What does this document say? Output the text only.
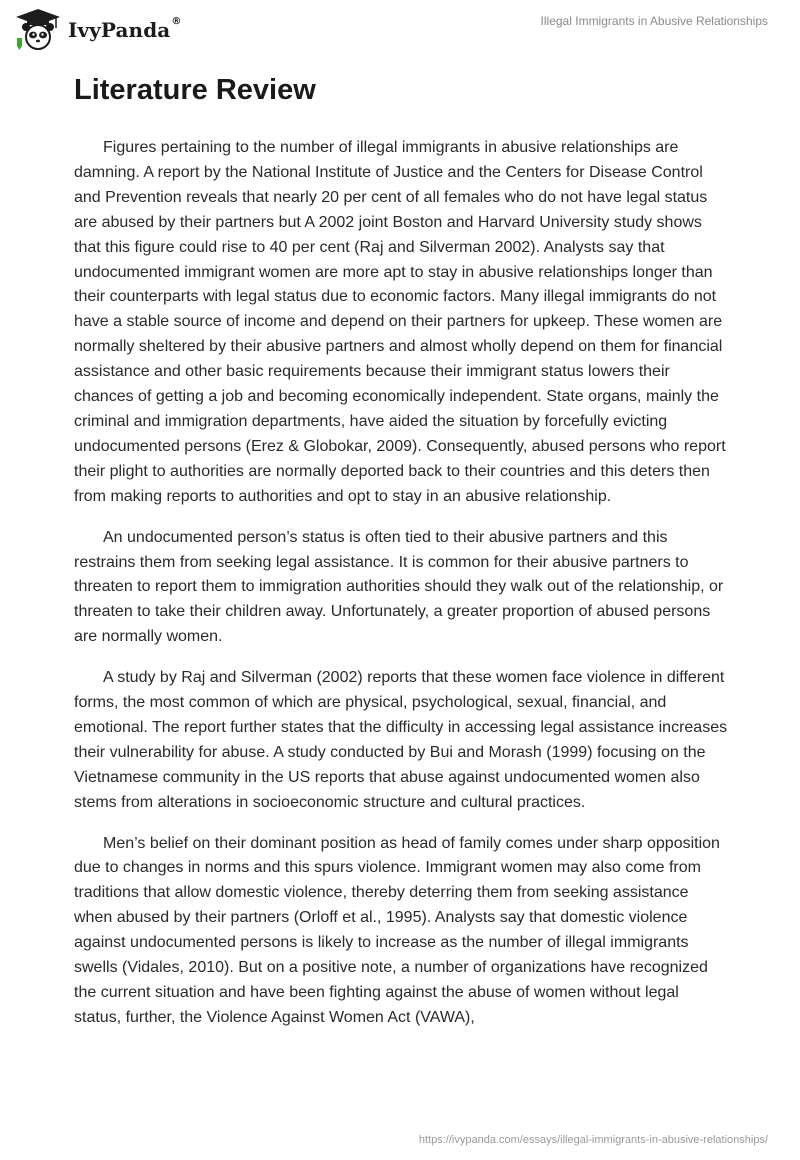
IvyPanda®	Illegal Immigrants in Abusive Relationships
Literature Review

Figures pertaining to the number of illegal immigrants in abusive relationships are damning. A report by the National Institute of Justice and the Centers for Disease Control and Prevention reveals that nearly 20 per cent of all females who do not have legal status are abused by their partners but A 2002 joint Boston and Harvard University study shows that this figure could rise to 40 per cent (Raj and Silverman 2002). Analysts say that undocumented immigrant women are more apt to stay in abusive relationships longer than their counterparts with legal status due to economic factors. Many illegal immigrants do not have a stable source of income and depend on their partners for upkeep. These women are normally sheltered by their abusive partners and almost wholly depend on them for financial assistance and other basic requirements because their immigrant status lowers their chances of getting a job and becoming economically independent. State organs, mainly the criminal and immigration departments, have aided the situation by forcefully evicting undocumented persons (Erez & Globokar, 2009). Consequently, abused persons who report their plight to authorities are normally deported back to their countries and this deters then from making reports to authorities and opt to stay in an abusive relationship.

An undocumented person’s status is often tied to their abusive partners and this restrains them from seeking legal assistance. It is common for their abusive partners to threaten to report them to immigration authorities should they walk out of the relationship, or threaten to take their children away. Unfortunately, a greater proportion of abused persons are normally women.

A study by Raj and Silverman (2002) reports that these women face violence in different forms, the most common of which are physical, psychological, sexual, financial, and emotional. The report further states that the difficulty in accessing legal assistance increases their vulnerability for abuse. A study conducted by Bui and Morash (1999) focusing on the Vietnamese community in the US reports that abuse against undocumented women also stems from alterations in socioeconomic structure and cultural practices.

Men’s belief on their dominant position as head of family comes under sharp opposition due to changes in norms and this spurs violence. Immigrant women may also come from traditions that allow domestic violence, thereby deterring them from seeking assistance when abused by their partners (Orloff et al., 1995). Analysts say that domestic violence against undocumented persons is likely to increase as the number of illegal immigrants swells (Vidales, 2010). But on a positive note, a number of organizations have recognized the current situation and have been fighting against the abuse of women without legal status, further, the Violence Against Women Act (VAWA),

https://ivypanda.com/essays/illegal-immigrants-in-abusive-relationships/
